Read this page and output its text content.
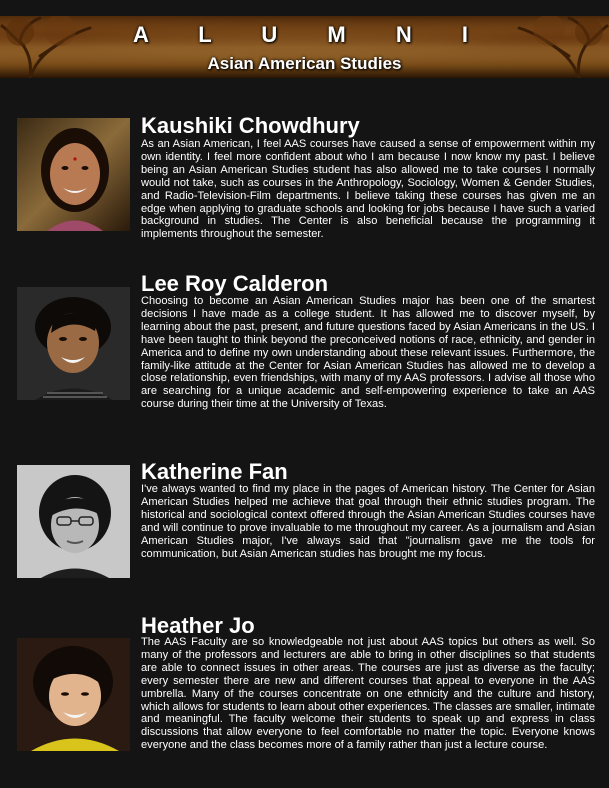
A L U M N I
Asian American Studies
Kaushiki Chowdhury

As an Asian American, I feel AAS courses have caused a sense of empowerment within my own identity. I feel more confident about who I am because I now know my past. I believe being an Asian American Studies student has also allowed me to take courses I normally would not take, such as courses in the Anthropology, Sociology, Women & Gender Studies, and Radio-Television-Film departments. I believe taking these courses has given me an edge when applying to graduate schools and looking for jobs because I have such a varied background in studies. The Center is also beneficial because the programming it implements throughout the semester.

Lee Roy Calderon

Choosing to become an Asian American Studies major has been one of the smartest decisions I have made as a college student. It has allowed me to discover myself, by learning about the past, present, and future questions faced by Asian Americans in the US. I have been taught to think beyond the preconceived notions of race, ethnicity, and gender in America and to define my own understanding about these relevant issues. Furthermore, the family-like attitude at the Center for Asian American Studies has allowed me to develop a close relationship, even friendships, with many of my AAS professors. I advise all those who are searching for a unique academic and self-empowering experience to take an AAS course during their time at the University of Texas.

Katherine Fan

I've always wanted to find my place in the pages of American history. The Center for Asian American Studies helped me achieve that goal through their ethnic studies program. The historical and sociological context offered through the Asian American Studies courses have and will continue to prove invaluable to me throughout my career. As a journalism and Asian American Studies major, I've always said that "journalism gave me the tools for communication, but Asian American studies has brought me my focus.

Heather Jo

The AAS Faculty are so knowledgeable not just about AAS topics but others as well. So many of the professors and lecturers are able to bring in other disciplines so that students are able to connect issues in other areas. The courses are just as diverse as the faculty; every semester there are new and different courses that appeal to everyone in the AAS umbrella. Many of the courses concentrate on one ethnicity and the culture and history, which allows for students to learn about other experiences. The classes are smaller, intimate and meaningful. The faculty welcome their students to speak up and express in class discussions that allow everyone to feel comfortable no matter the topic. Everyone knows everyone and the class becomes more of a family rather than just a lecture course.
